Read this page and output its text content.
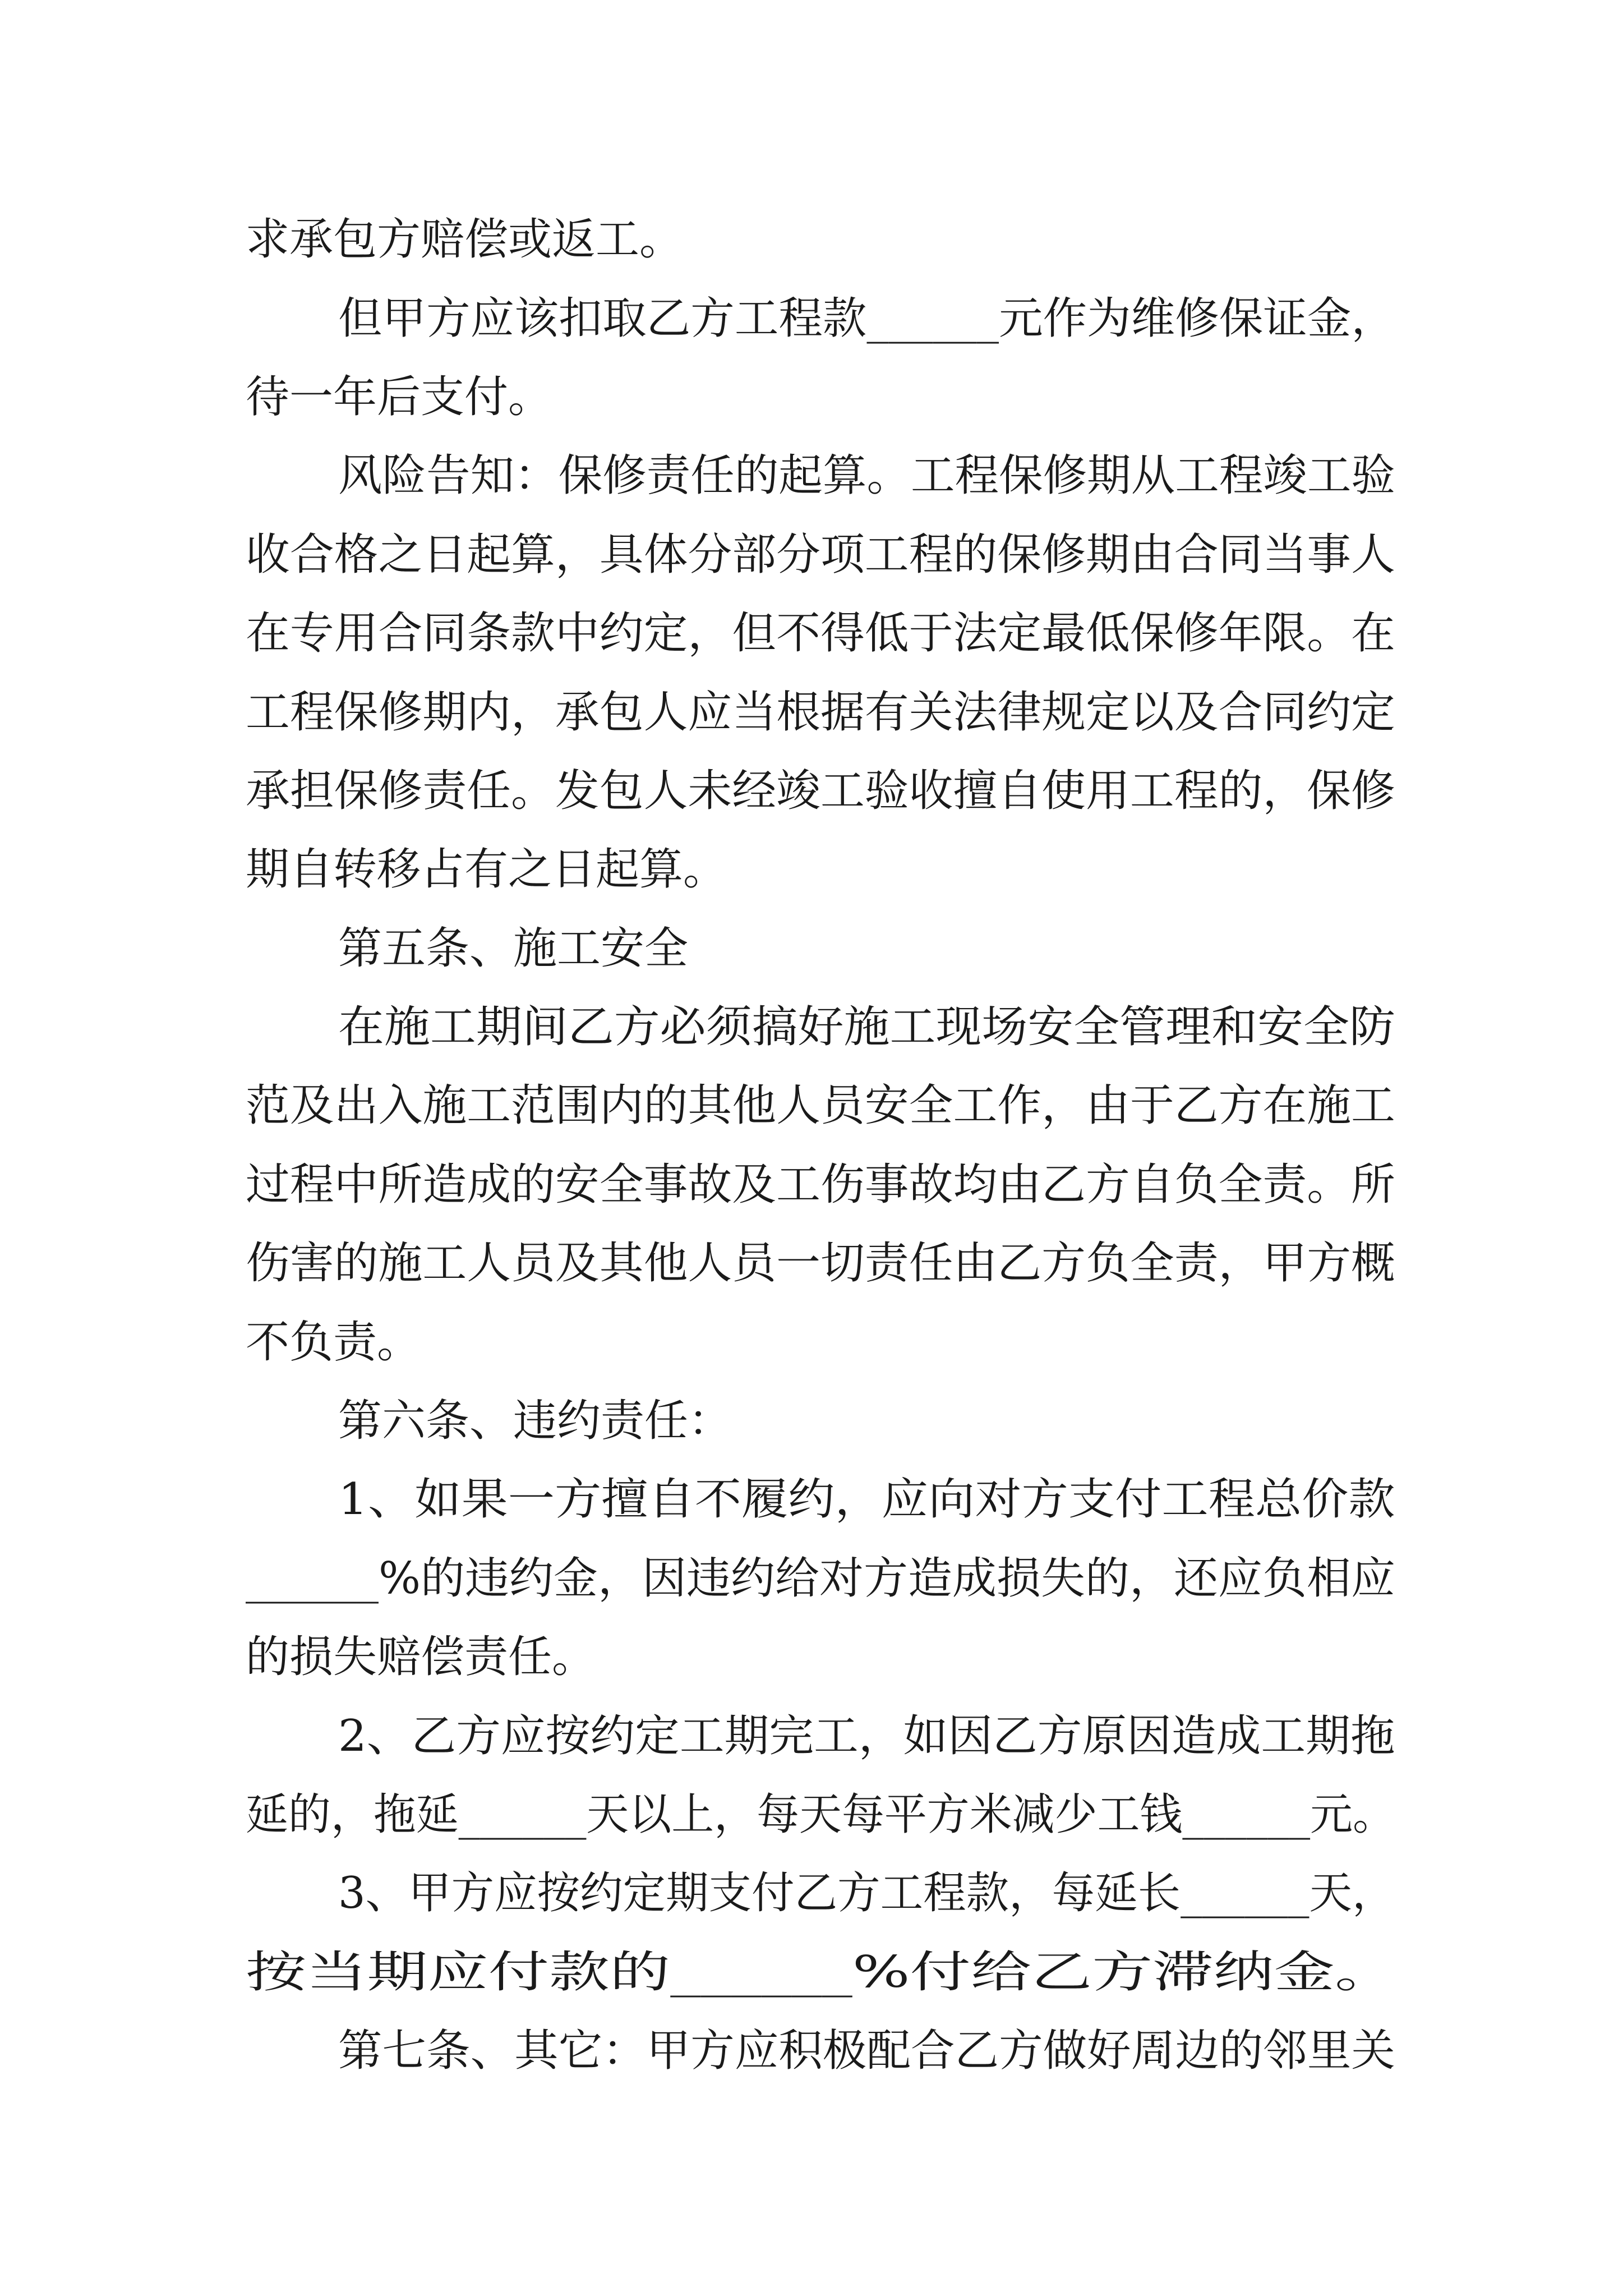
求承包方赔偿或返工。
但甲方应该扣取乙方工程款______元作为维修保证金，
待一年后支付。
风险告知：保修责任的起算。工程保修期从工程竣工验
收合格之日起算，具体分部分项工程的保修期由合同当事人
在专用合同条款中约定，但不得低于法定最低保修年限。在
工程保修期内，承包人应当根据有关法律规定以及合同约定
承担保修责任。发包人未经竣工验收擅自使用工程的，保修
期自转移占有之日起算。
第五条、施工安全
在施工期间乙方必须搞好施工现场安全管理和安全防
范及出入施工范围内的其他人员安全工作，由于乙方在施工
过程中所造成的安全事故及工伤事故均由乙方自负全责。所
伤害的施工人员及其他人员一切责任由乙方负全责，甲方概
不负责。
第六条、违约责任：
1、如果一方擅自不履约，应向对方支付工程总价款
______%的违约金，因违约给对方造成损失的，还应负相应
的损失赔偿责任。
2、乙方应按约定工期完工，如因乙方原因造成工期拖
延的，拖延______天以上，每天每平方米减少工钱______元。
3、甲方应按约定期支付乙方工程款，每延长______天，
按当期应付款的______%付给乙方滞纳金。
第七条、其它：甲方应积极配合乙方做好周边的邻里关
